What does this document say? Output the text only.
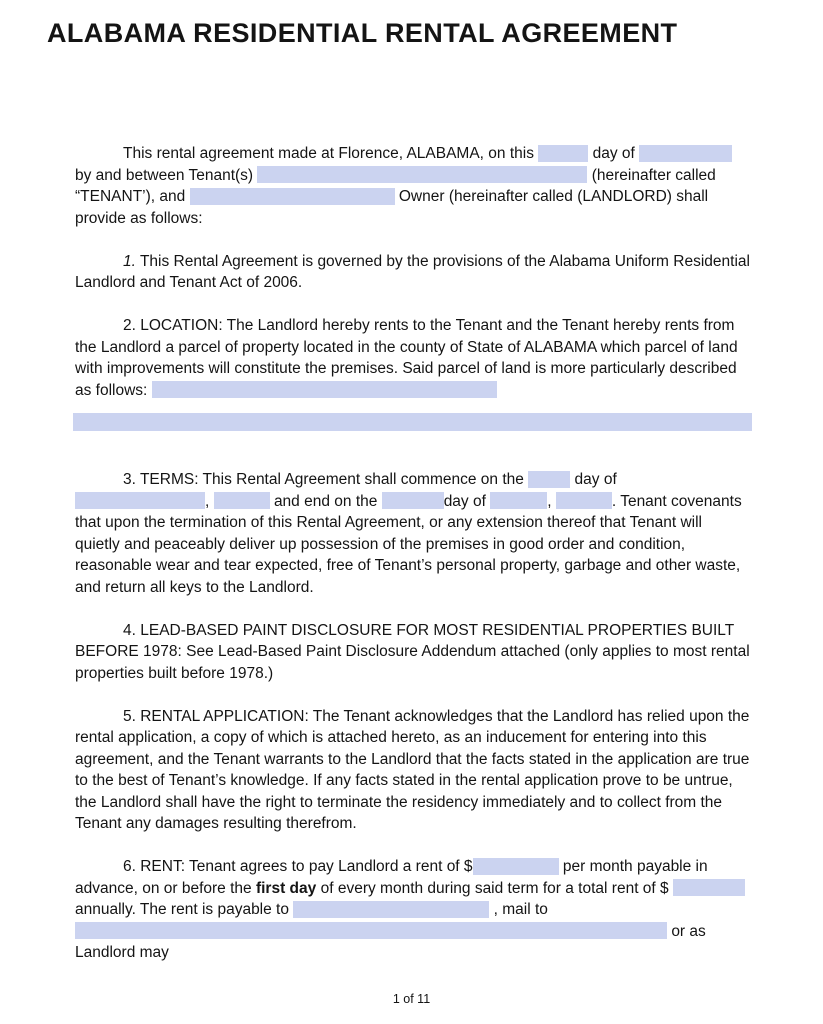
ALABAMA RESIDENTIAL RENTAL AGREEMENT

This rental agreement made at Florence, ALABAMA, on this	day of  by and between Tenant(s)	(hereinafter called “TENANT’), and	Owner (hereinafter called (LANDLORD) shall provide as follows:

1. This Rental Agreement is governed by the provisions of the Alabama Uniform Residential Landlord and Tenant Act of 2006.

2. LOCATION: The Landlord hereby rents to the Tenant and the Tenant hereby rents from the Landlord a parcel of property located in the county of State of ALABAMA which parcel of land with improvements will constitute the premises. Said parcel of land is more particularly described as follows:

3. TERMS: This Rental Agreement shall commence on the	day of ,	and end on the	day of	,	. Tenant covenants that upon the termination of this Rental Agreement, or any extension thereof that Tenant will quietly and peaceably deliver up possession of the premises in good order and condition, reasonable wear and tear expected, free of Tenant’s personal property, garbage and other waste, and return all keys to the Landlord.

4. LEAD-BASED PAINT DISCLOSURE FOR MOST RESIDENTIAL PROPERTIES BUILT BEFORE 1978: See Lead-Based Paint Disclosure Addendum attached (only applies to most rental properties built before 1978.)

5. RENTAL APPLICATION: The Tenant acknowledges that the Landlord has relied upon the rental application, a copy of which is attached hereto, as an inducement for entering into this agreement, and the Tenant warrants to the Landlord that the facts stated in the application are true to the best of Tenant’s knowledge. If any facts stated in the rental application prove to be untrue, the Landlord shall have the right to terminate the residency immediately and to collect from the Tenant any damages resulting therefrom.

6. RENT: Tenant agrees to pay Landlord a rent of $	per month payable in advance, on or before the first day of every month during said term for a total rent of $  annually. The rent is payable to	, mail to  or as Landlord may

1 of 11
